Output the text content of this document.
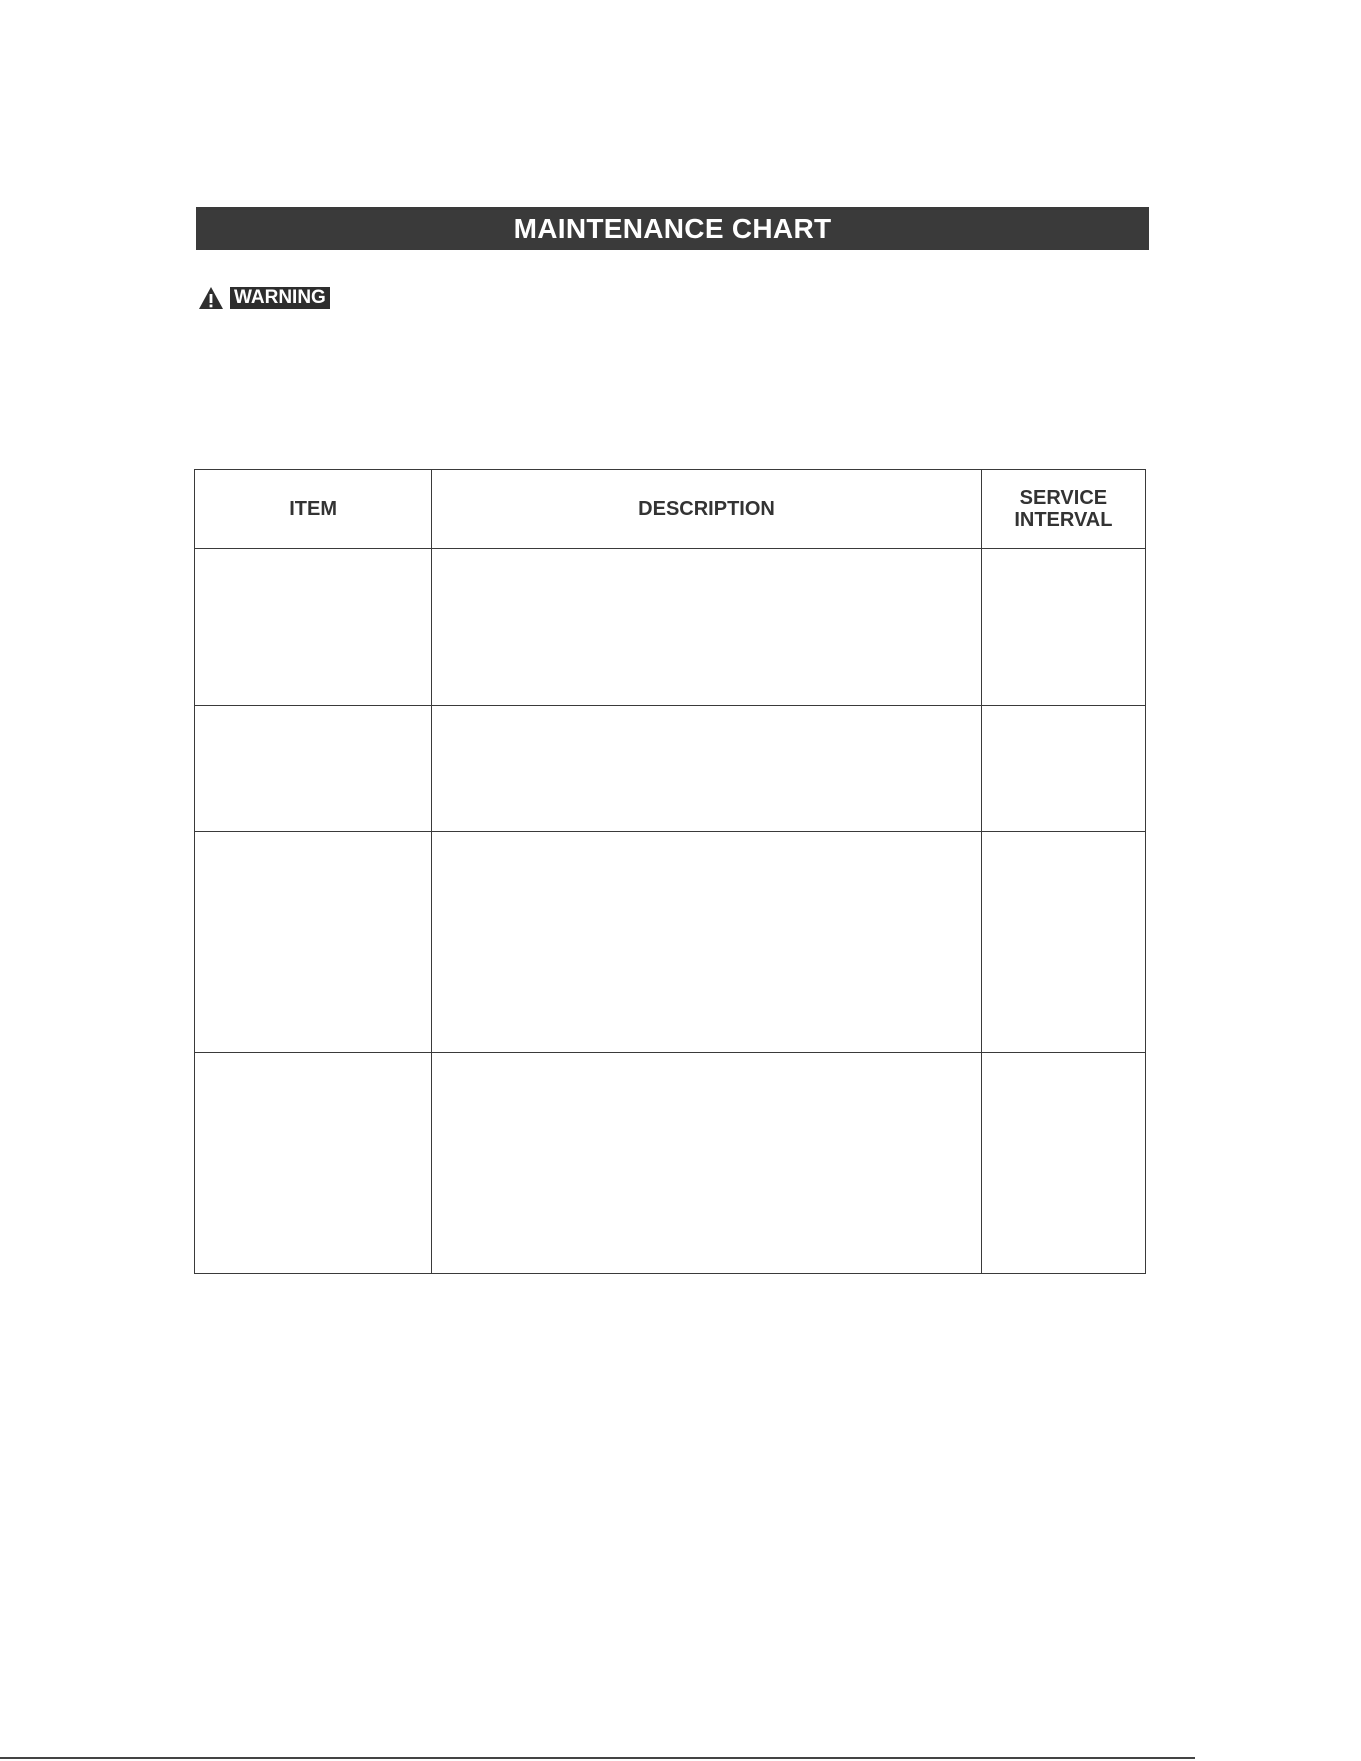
MAINTENANCE CHART
WARNING
ITEM	DESCRIPTION	SERVICE
INTERVAL
